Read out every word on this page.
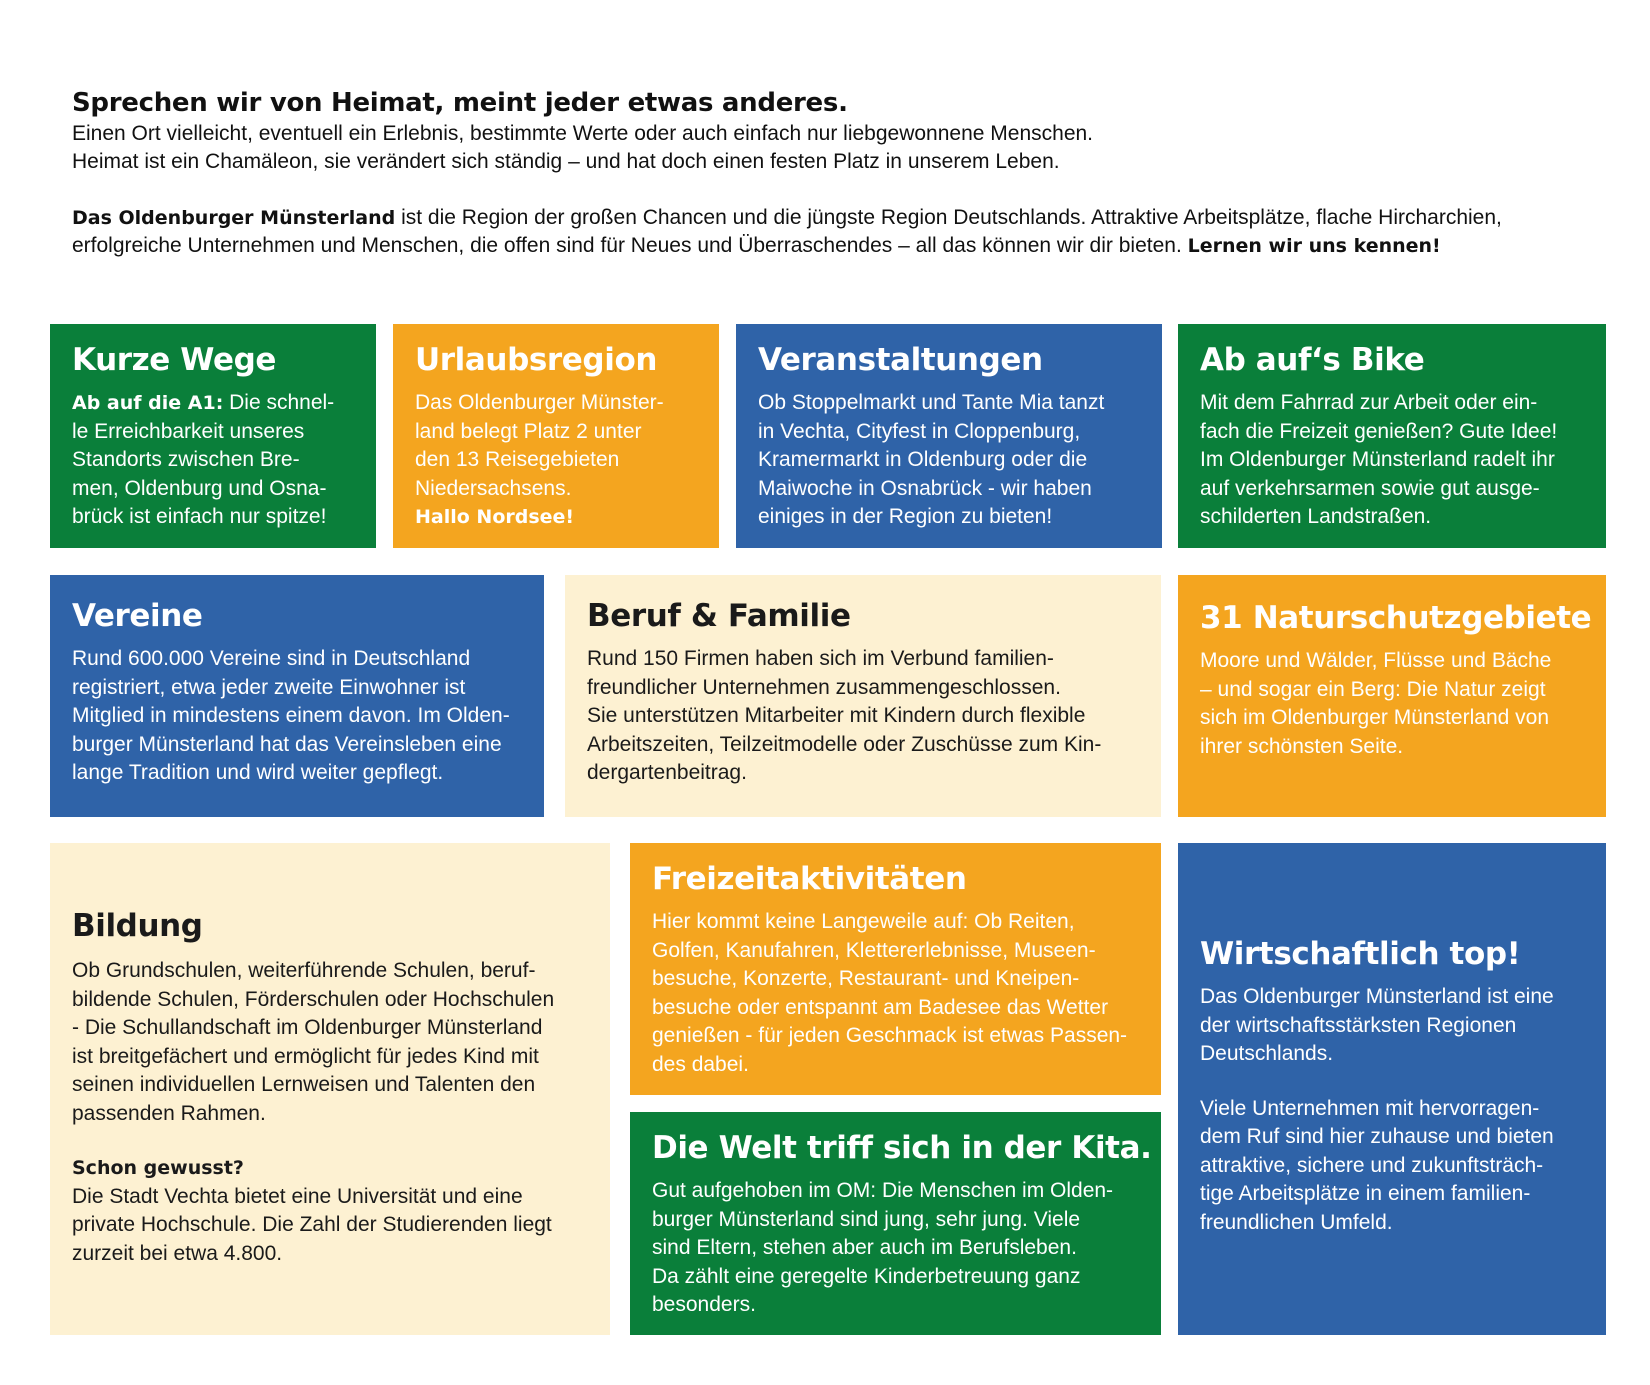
Sprechen wir von Heimat, meint jeder etwas anderes.

Einen Ort vielleicht, eventuell ein Erlebnis, bestimmte Werte oder auch einfach nur liebgewonnene Menschen.

Heimat ist ein Chamäleon, sie verändert sich ständig – und hat doch einen festen Platz in unserem Leben.

Das Oldenburger Münsterland ist die Region der großen Chancen und die jüngste Region Deutschlands. Attraktive Arbeitsplätze, flache Hircharchien,

erfolgreiche Unternehmen und Menschen, die offen sind für Neues und Überraschendes – all das können wir dir bieten. Lernen wir uns kennen!

Kurze Wege

Ab auf die A1: Die schnel-

le Erreichbarkeit unseres

Standorts zwischen Bre-

men, Oldenburg und Osna-

brück ist einfach nur spitze!

Urlaubsregion

Das Oldenburger Münster-

land belegt Platz 2 unter

den 13 Reisegebieten

Niedersachsens.

Hallo Nordsee!

Veranstaltungen

Ob Stoppelmarkt und Tante Mia tanzt

in Vechta, Cityfest in Cloppenburg,

Kramermarkt in Oldenburg oder die

Maiwoche in Osnabrück - wir haben

einiges in der Region zu bieten!

Ab auf‘s Bike

Mit dem Fahrrad zur Arbeit oder ein-

fach die Freizeit genießen? Gute Idee!

Im Oldenburger Münsterland radelt ihr

auf verkehrsarmen sowie gut ausge-

schilderten Landstraßen.

Vereine

Rund 600.000 Vereine sind in Deutschland

registriert, etwa jeder zweite Einwohner ist

Mitglied in mindestens einem davon. Im Olden-

burger Münsterland hat das Vereinsleben eine

lange Tradition und wird weiter gepflegt.

Beruf & Familie

Rund 150 Firmen haben sich im Verbund familien-

freundlicher Unternehmen zusammengeschlossen.

Sie unterstützen Mitarbeiter mit Kindern durch flexible

Arbeitszeiten, Teilzeitmodelle oder Zuschüsse zum Kin-

dergartenbeitrag.

31 Naturschutzgebiete

Moore und Wälder, Flüsse und Bäche

– und sogar ein Berg: Die Natur zeigt

sich im Oldenburger Münsterland von

ihrer schönsten Seite.

Bildung

Ob Grundschulen, weiterführende Schulen, beruf-

bildende Schulen, Förderschulen oder Hochschulen

- Die Schullandschaft im Oldenburger Münsterland

ist breitgefächert und ermöglicht für jedes Kind mit

seinen individuellen Lernweisen und Talenten den

passenden Rahmen.

Schon gewusst?

Die Stadt Vechta bietet eine Universität und eine

private Hochschule. Die Zahl der Studierenden liegt

zurzeit bei etwa 4.800.

Freizeitaktivitäten

Hier kommt keine Langeweile auf: Ob Reiten,

Golfen, Kanufahren, Klettererlebnisse, Museen-

besuche, Konzerte, Restaurant- und Kneipen-

besuche oder entspannt am Badesee das Wetter

genießen - für jeden Geschmack ist etwas Passen-

des dabei.

Die Welt triff sich in der Kita.

Gut aufgehoben im OM: Die Menschen im Olden-

burger Münsterland sind jung, sehr jung. Viele

sind Eltern, stehen aber auch im Berufsleben.

Da zählt eine geregelte Kinderbetreuung ganz

besonders.

Wirtschaftlich top!

Das Oldenburger Münsterland ist eine

der wirtschaftsstärksten Regionen

Deutschlands.

Viele Unternehmen mit hervorragen-

dem Ruf sind hier zuhause und bieten

attraktive, sichere und zukunftsträch-

tige Arbeitsplätze in einem familien-

freundlichen Umfeld.
